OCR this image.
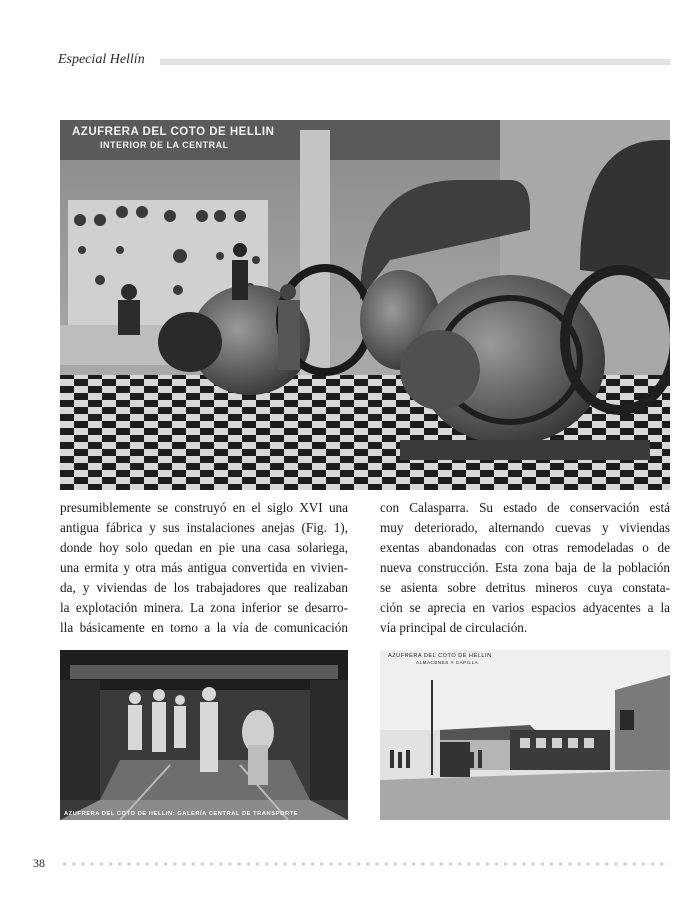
Especial Hellín
AZUFRERA DEL COTO DE HELLIN
INTERIOR DE LA CENTRAL
presumiblemente se construyó en el siglo XVI una
antigua fábrica y sus instalaciones anejas (Fig. 1),
donde hoy solo quedan en pie una casa solariega,
una ermita y otra más antigua convertida en vivien-
da, y viviendas de los trabajadores que realizaban
la explotación minera. La zona inferior se desarro-
lla básicamente en torno a la vía de comunicación
con Calasparra. Su estado de conservación está
muy deteriorado, alternando cuevas y viviendas
exentas abandonadas con otras remodeladas o de
nueva construcción. Esta zona baja de la población
se asienta sobre detritus mineros cuya constata-
ción se aprecia en varios espacios adyacentes a la
vía principal de circulación.
AZUFRERA DEL COTO DE HELLIN: GALERÍA CENTRAL DE TRANSPORTE
AZUFRERA DEL COTO DE HELLIN
ALMACENES Y CAPILLA
38
